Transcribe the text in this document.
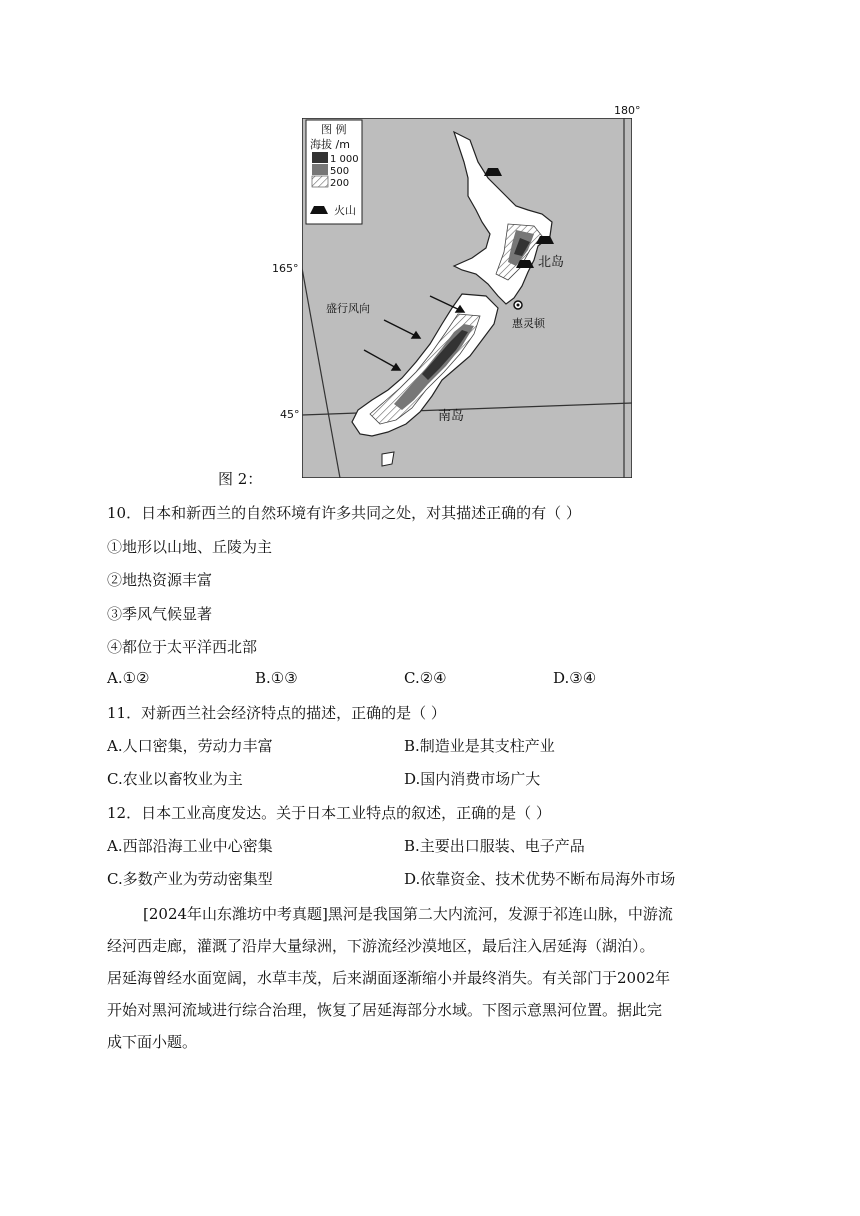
图 例
海拔 /m
1 000
500
200
火山
北岛
南岛
惠灵顿
盛行风向
180°
165°
45°
图 2：
10．日本和新西兰的自然环境有许多共同之处，对其描述正确的有（ ）
①地形以山地、丘陵为主
②地热资源丰富
③季风气候显著
④都位于太平洋西北部
A.①②	B.①③	C.②④	D.③④
11．对新西兰社会经济特点的描述，正确的是（ ）
A.人口密集，劳动力丰富	B.制造业是其支柱产业
C.农业以畜牧业为主	D.国内消费市场广大
12．日本工业高度发达。关于日本工业特点的叙述，正确的是（ ）
A.西部沿海工业中心密集	B.主要出口服装、电子产品
C.多数产业为劳动密集型	D.依靠资金、技术优势不断布局海外市场
[2024年山东潍坊中考真题]黑河是我国第二大内流河，发源于祁连山脉，中游流
经河西走廊，灌溉了沿岸大量绿洲，下游流经沙漠地区，最后注入居延海（湖泊）。
居延海曾经水面宽阔，水草丰茂，后来湖面逐渐缩小并最终消失。有关部门于2002年
开始对黑河流域进行综合治理，恢复了居延海部分水域。下图示意黑河位置。据此完
成下面小题。
